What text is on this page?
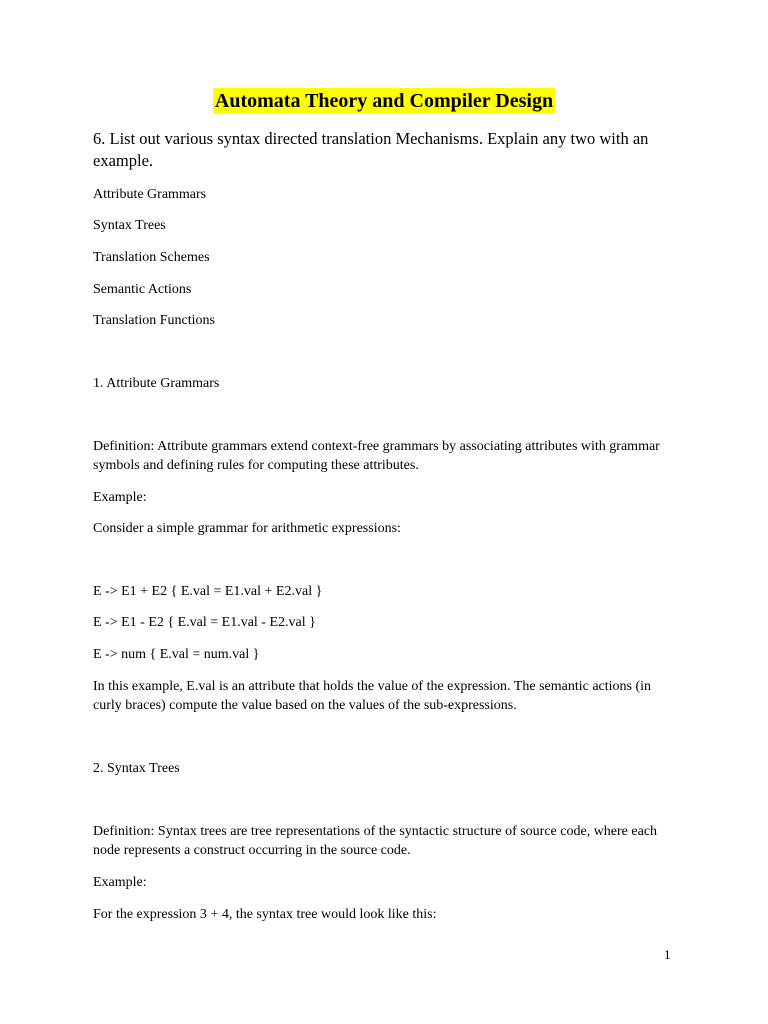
Automata Theory and Compiler Design
6. List out various syntax directed translation Mechanisms. Explain any two with an example.
Attribute Grammars
Syntax Trees
Translation Schemes
Semantic Actions
Translation Functions
1. Attribute Grammars
Definition: Attribute grammars extend context-free grammars by associating attributes with grammar symbols and defining rules for computing these attributes.
Example:
Consider a simple grammar for arithmetic expressions:
E -> E1 + E2 { E.val = E1.val + E2.val }
E -> E1 - E2 { E.val = E1.val - E2.val }
E -> num { E.val = num.val }
In this example, E.val is an attribute that holds the value of the expression. The semantic actions (in curly braces) compute the value based on the values of the sub-expressions.
2. Syntax Trees
Definition: Syntax trees are tree representations of the syntactic structure of source code, where each node represents a construct occurring in the source code.
Example:
For the expression 3 + 4, the syntax tree would look like this:
1
